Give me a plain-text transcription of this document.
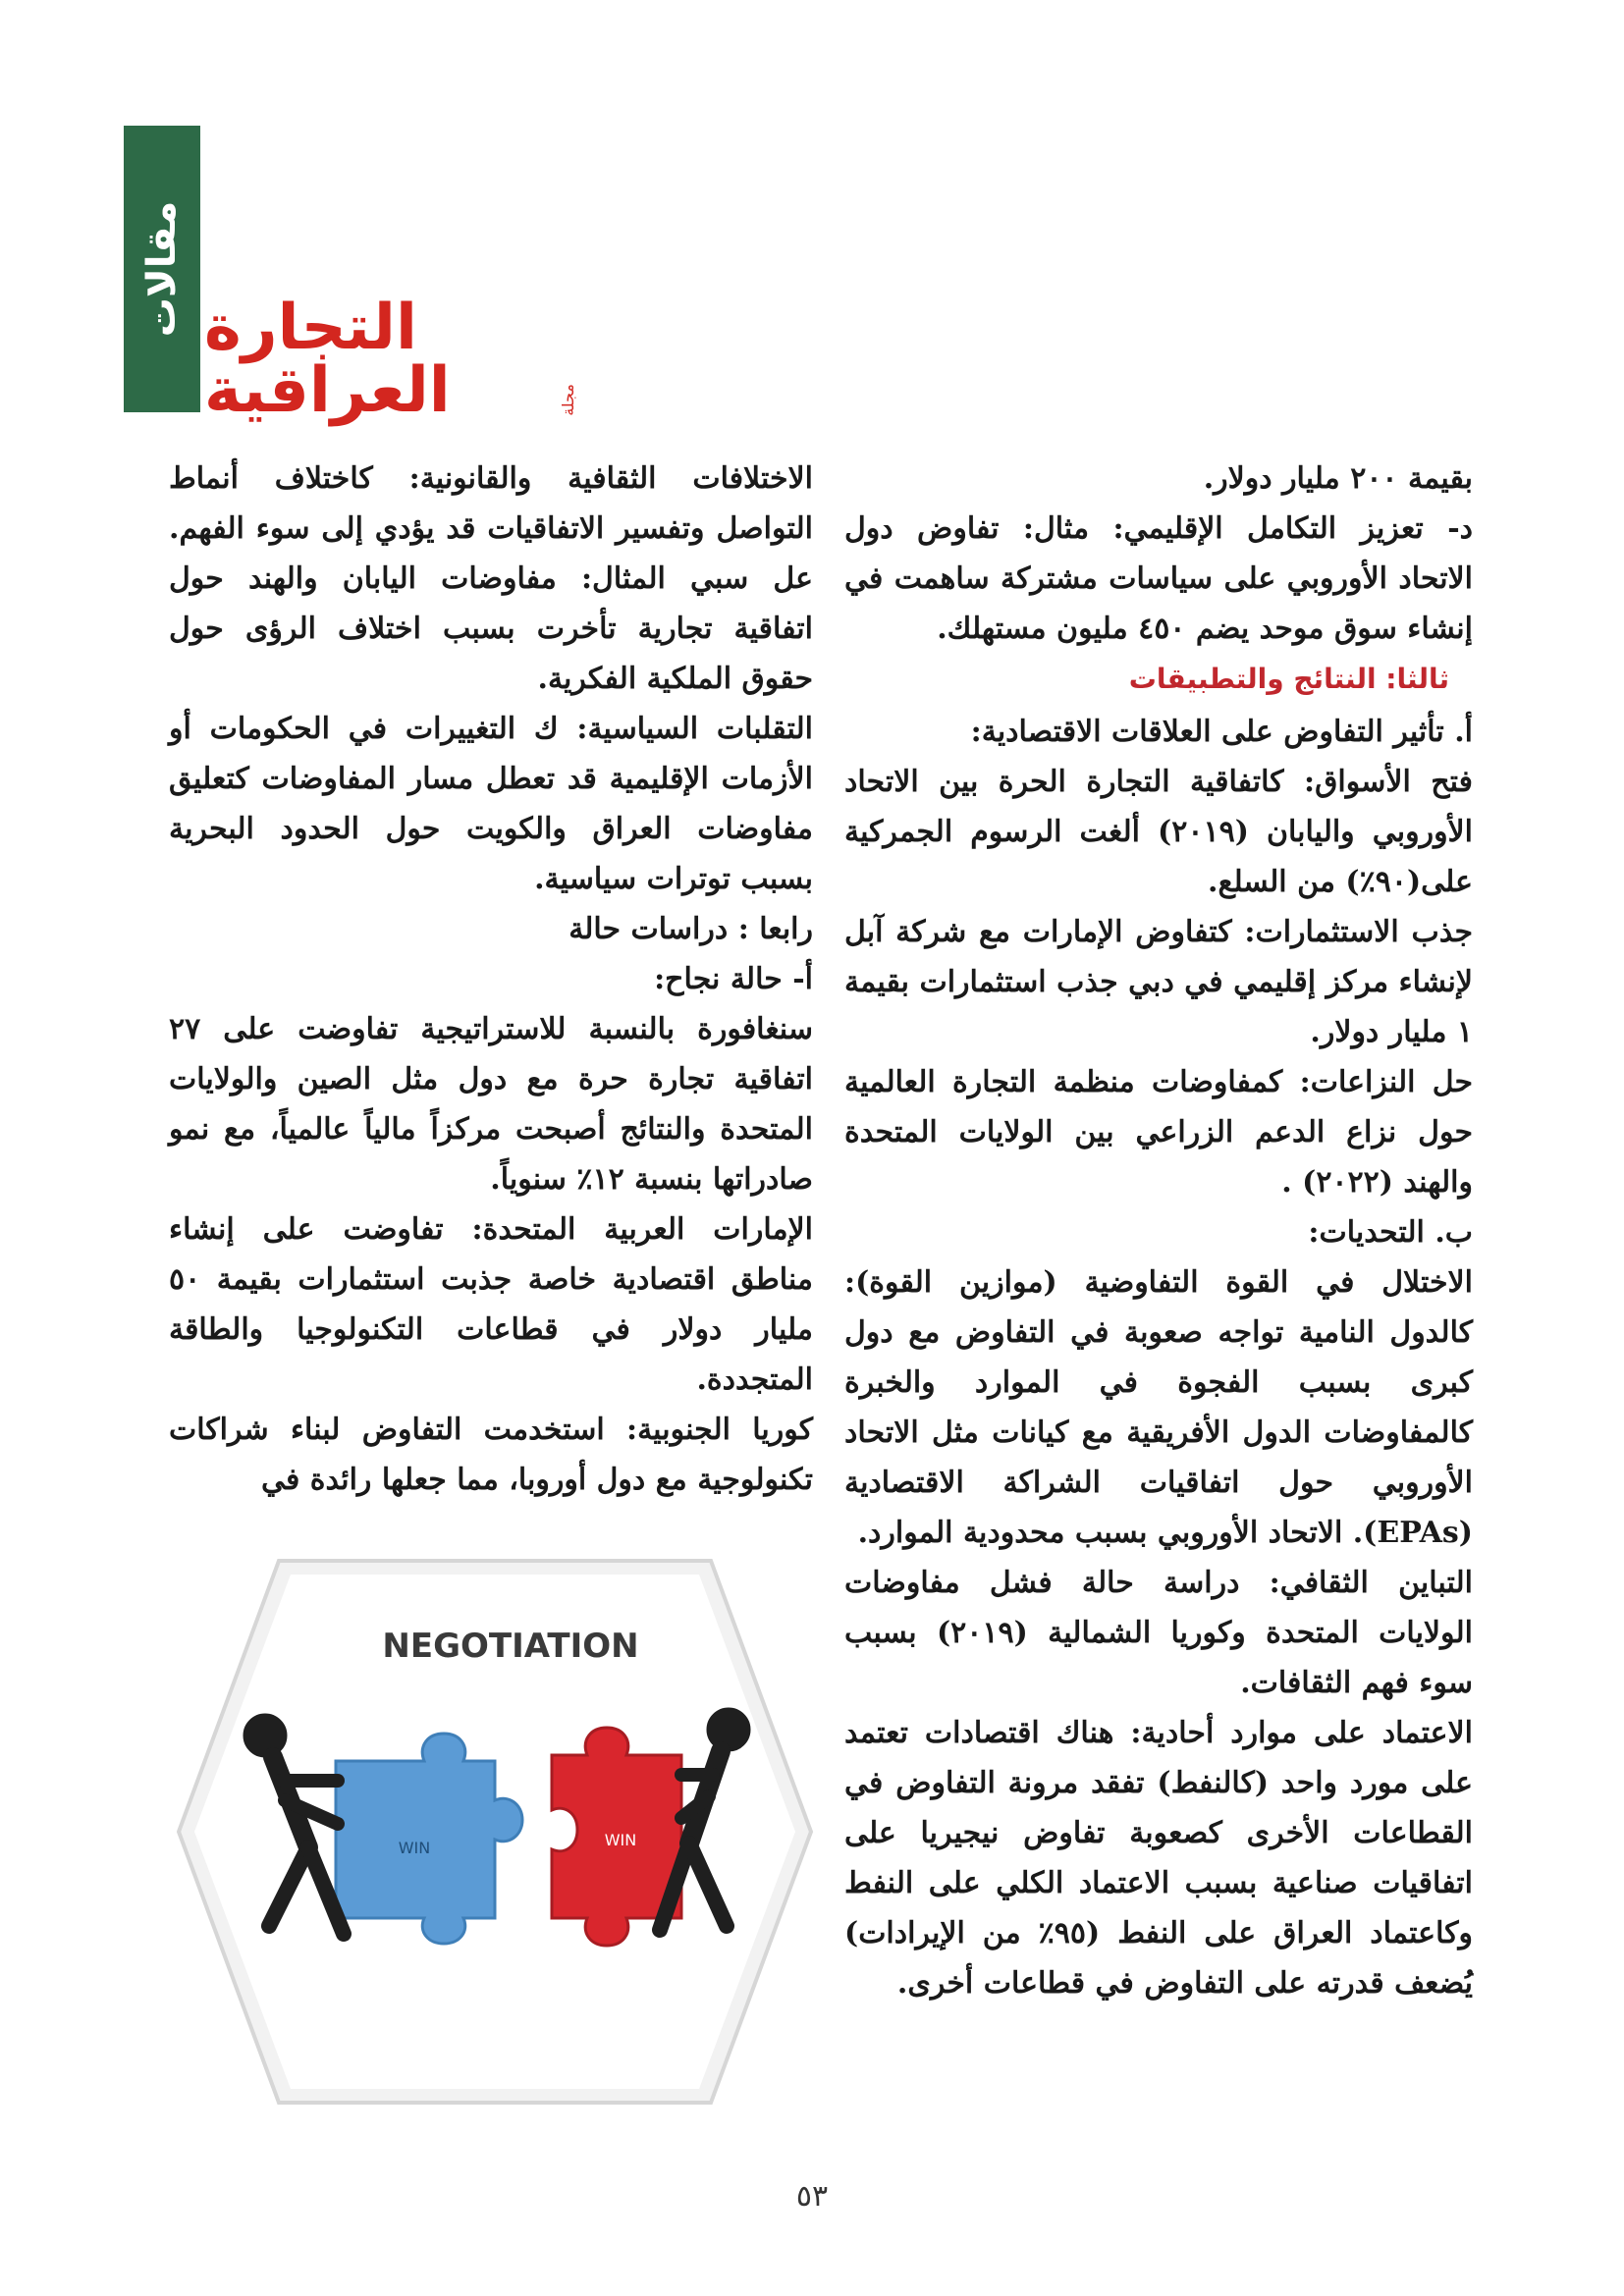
مقالات التجارة العراقية	مجلة

بقيمة ٢٠٠ مليار دولار.

د- تعزيز التكامل الإقليمي: مثال: تفاوض دول الاتحاد الأوروبي على سياسات مشتركة ساهمت في إنشاء سوق موحد يضم ٤٥٠ مليون مستهلك.

ثالثا: النتائج والتطبيقات

أ. تأثير التفاوض على العلاقات الاقتصادية:

فتح الأسواق: كاتفاقية التجارة الحرة بين الاتحاد الأوروبي واليابان (٢٠١٩) ألغت الرسوم الجمركية على(٩٠٪) من السلع.

جذب الاستثمارات: كتفاوض الإمارات مع شركة آبل لإنشاء مركز إقليمي في دبي جذب استثمارات بقيمة ١ مليار دولار.

حل النزاعات: كمفاوضات منظمة التجارة العالمية حول نزاع الدعم الزراعي بين الولايات المتحدة والهند (٢٠٢٢) .

ب. التحديات:

الاختلال في القوة التفاوضية (موازين القوة): كالدول النامية تواجه صعوبة في التفاوض مع دول كبرى بسبب الفجوة في الموارد والخبرة كالمفاوضات الدول الأفريقية مع كيانات مثل الاتحاد الأوروبي حول اتفاقيات الشراكة الاقتصادية (EPAs). الاتحاد الأوروبي بسبب محدودية الموارد.

التباين الثقافي: دراسة حالة فشل مفاوضات الولايات المتحدة وكوريا الشمالية (٢٠١٩) بسبب سوء فهم الثقافات.

الاعتماد على موارد أحادية: هناك اقتصادات تعتمد على مورد واحد (كالنفط) تفقد مرونة التفاوض في القطاعات الأخرى كصعوبة تفاوض نيجيريا على اتفاقيات صناعية بسبب الاعتماد الكلي على النفط وكاعتماد العراق على النفط (٩٥٪ من الإيرادات) يُضعف قدرته على التفاوض في قطاعات أخرى.

الاختلافات الثقافية والقانونية: كاختلاف أنماط التواصل وتفسير الاتفاقيات قد يؤدي إلى سوء الفهم. عل سبي المثال: مفاوضات اليابان والهند حول اتفاقية تجارية تأخرت بسبب اختلاف الرؤى حول حقوق الملكية الفكرية.

التقلبات السياسية: ك التغييرات في الحكومات أو الأزمات الإقليمية قد تعطل مسار المفاوضات كتعليق مفاوضات العراق والكويت حول الحدود البحرية بسبب توترات سياسية.

رابعا : دراسات حالة

أ- حالة نجاح:

سنغافورة بالنسبة للاستراتيجية تفاوضت على ٢٧ اتفاقية تجارة حرة مع دول مثل الصين والولايات المتحدة والنتائج أصبحت مركزاً مالياً عالمياً، مع نمو صادراتها بنسبة ١٢٪ سنوياً.

الإمارات العربية المتحدة: تفاوضت على إنشاء مناطق اقتصادية خاصة جذبت استثمارات بقيمة ٥٠ مليار دولار في قطاعات التكنولوجيا والطاقة المتجددة.

كوريا الجنوبية: استخدمت التفاوض لبناء شراكات تكنولوجية مع دول أوروبا، مما جعلها رائدة في

NEGOTIATION
WIN	WIN
٥٣
